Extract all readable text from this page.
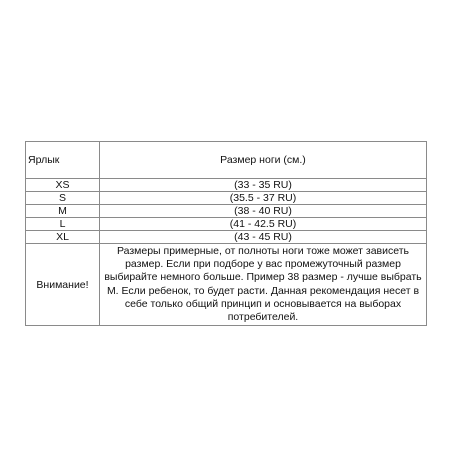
Ярлык	Размер ноги (см.)
XS	(33 - 35 RU)
S	(35.5 - 37 RU)
M	(38 - 40 RU)
L	(41 - 42.5 RU)
XL	(43 - 45 RU)
Внимание!	Размеры примерные, от полноты ноги тоже может зависеть размер. Если при подборе у вас промежуточный размер выбирайте немного больше. Пример 38 размер - лучше выбрать М. Если ребенок, то будет расти. Данная рекомендация несет в себе только общий принцип и основывается на выборах потребителей.
